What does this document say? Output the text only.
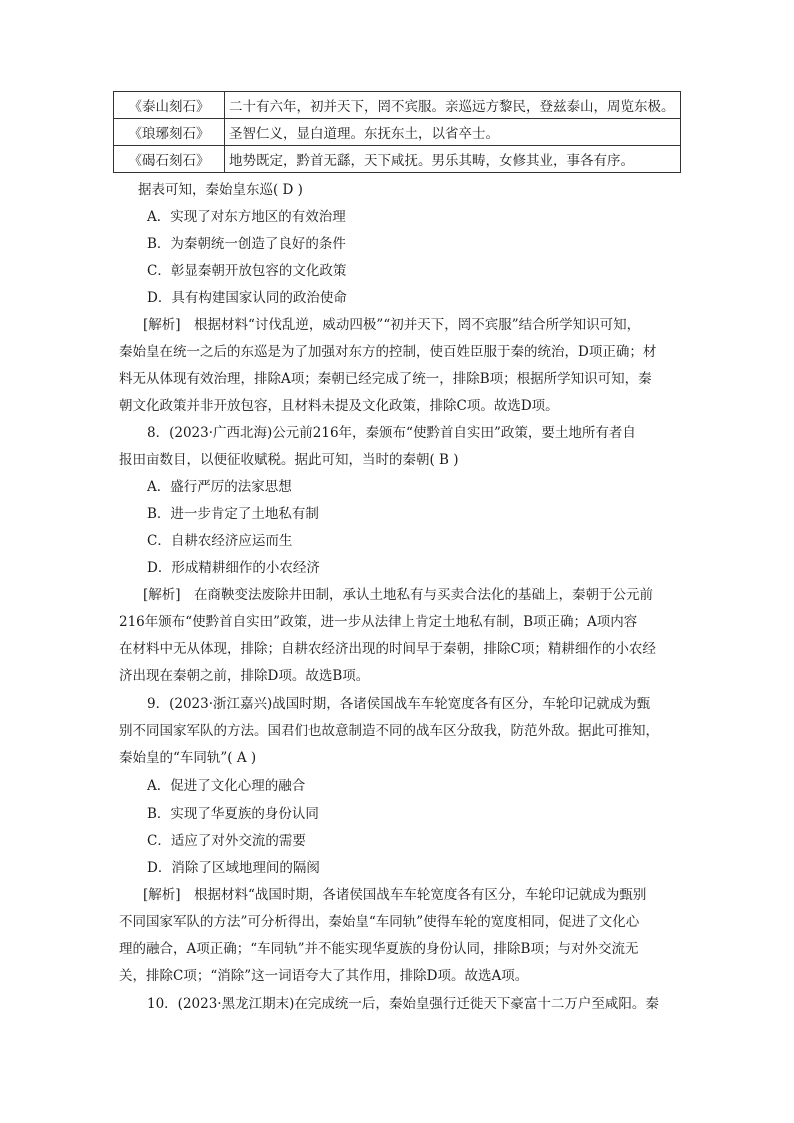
《泰山刻石》	二十有六年，初并天下，罔不宾服。亲巡远方黎民，登兹泰山，周览东极。
《琅琊刻石》	圣智仁义，显白道理。东抚东土，以省卒士。
《碣石刻石》	地势既定，黔首无繇，天下咸抚。男乐其畴，女修其业，事各有序。
据表可知，秦始皇东巡( D )
A．实现了对东方地区的有效治理
B．为秦朝统一创造了良好的条件
C．彰显秦朝开放包容的文化政策
D．具有构建国家认同的政治使命
[解析]　根据材料“讨伐乱逆，威动四极”“初并天下，罔不宾服”结合所学知识可知，
秦始皇在统一之后的东巡是为了加强对东方的控制，使百姓臣服于秦的统治，D项正确；材
料无从体现有效治理，排除A项；秦朝已经完成了统一，排除B项；根据所学知识可知，秦
朝文化政策并非开放包容，且材料未提及文化政策，排除C项。故选D项。
8．(2023·广西北海)公元前216年，秦颁布“使黔首自实田”政策，要土地所有者自
报田亩数目，以便征收赋税。据此可知，当时的秦朝( B )
A．盛行严厉的法家思想
B．进一步肯定了土地私有制
C．自耕农经济应运而生
D．形成精耕细作的小农经济
[解析]　在商鞅变法废除井田制，承认土地私有与买卖合法化的基础上，秦朝于公元前
216年颁布“使黔首自实田”政策，进一步从法律上肯定土地私有制，B项正确；A项内容
在材料中无从体现，排除；自耕农经济出现的时间早于秦朝，排除C项；精耕细作的小农经
济出现在秦朝之前，排除D项。故选B项。
9．(2023·浙江嘉兴)战国时期，各诸侯国战车车轮宽度各有区分，车轮印记就成为甄
别不同国家军队的方法。国君们也故意制造不同的战车区分敌我，防范外敌。据此可推知，
秦始皇的“车同轨”( A )
A．促进了文化心理的融合
B．实现了华夏族的身份认同
C．适应了对外交流的需要
D．消除了区域地理间的隔阂
[解析]　根据材料“战国时期，各诸侯国战车车轮宽度各有区分，车轮印记就成为甄别
不同国家军队的方法”可分析得出，秦始皇“车同轨”使得车轮的宽度相同，促进了文化心
理的融合，A项正确；“车同轨”并不能实现华夏族的身份认同，排除B项；与对外交流无
关，排除C项；“消除”这一词语夸大了其作用，排除D项。故选A项。
10．(2023·黑龙江期末)在完成统一后，秦始皇强行迁徙天下豪富十二万户至咸阳。秦
